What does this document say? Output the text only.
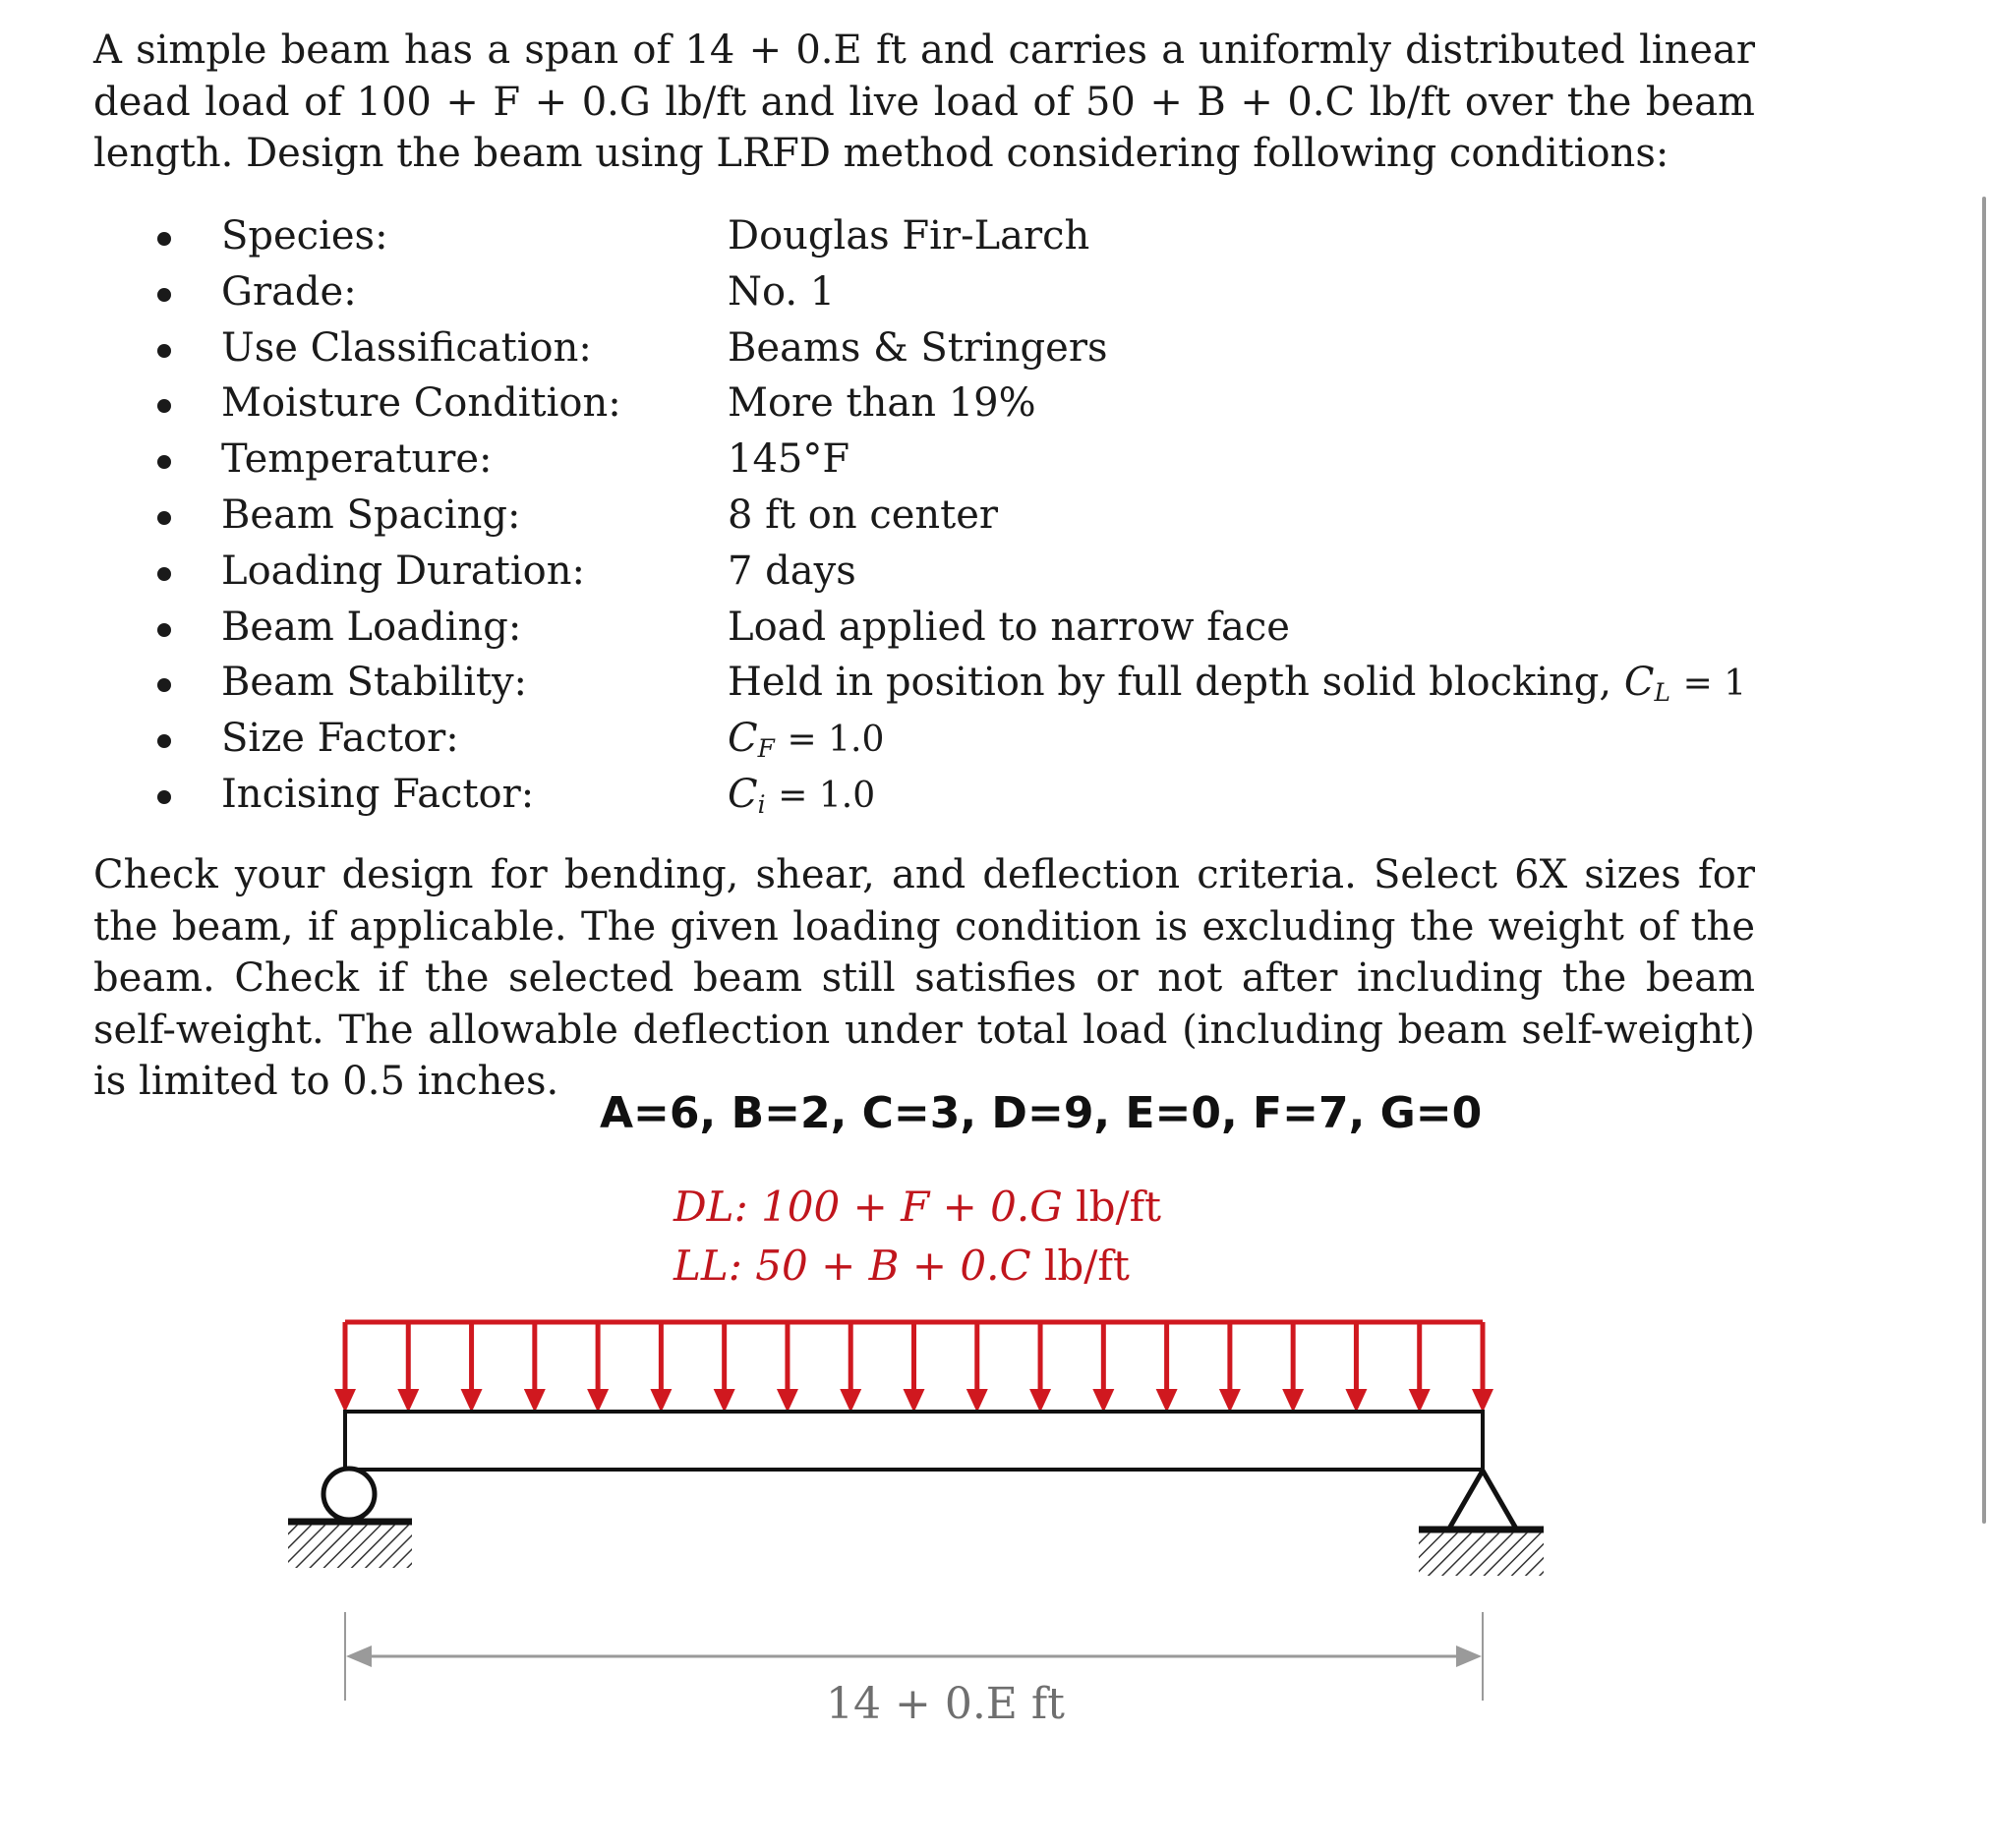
A simple beam has a span of 14 + 0.E ft and carries a uniformly distributed linear dead load of 100 + F + 0.G lb/ft and live load of 50 + B + 0.C lb/ft over the beam length. Design the beam using LRFD method considering following conditions:

Species:	Douglas Fir-Larch
Grade:	No. 1
Use Classification:	Beams & Stringers
Moisture Condition:	More than 19%
Temperature:	145°F
Beam Spacing:	8 ft on center
Loading Duration:	7 days
Beam Loading:	Load applied to narrow face
Beam Stability:	Held in position by full depth solid blocking, $C_L = 1$
Size Factor:	$C_F = 1.0$
Incising Factor:	$C_i = 1.0$

Check your design for bending, shear, and deflection criteria. Select 6X sizes for the beam, if applicable. The given loading condition is excluding the weight of the beam. Check if the selected beam still satisfies or not after including the beam self-weight. The allowable deflection under total load (including beam self-weight) is limited to 0.5 inches.

A=6, B=2, C=3, D=9, E=0, F=7, G=0

DL: 100 + F + 0.G lb/ft

LL: 50 + B + 0.C lb/ft

14 + 0.E ft
